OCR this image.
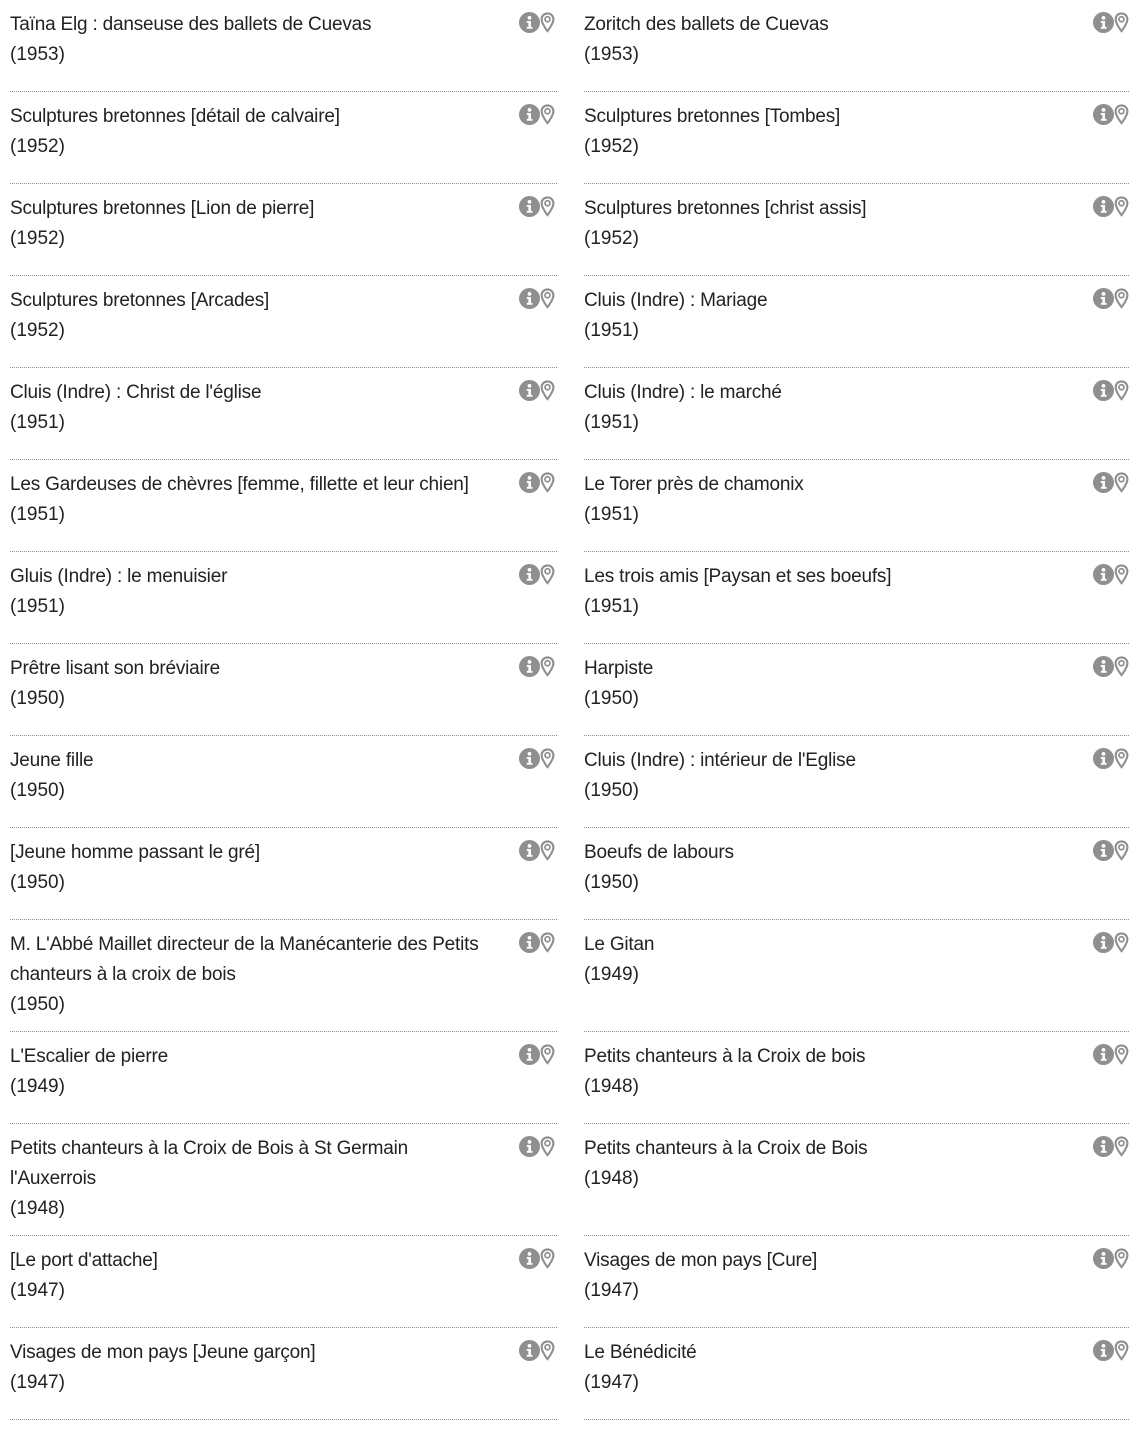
Taïna Elg : danseuse des ballets de Cuevas
(1953)
Zoritch des ballets de Cuevas
(1953)
Sculptures bretonnes [détail de calvaire]
(1952)
Sculptures bretonnes [Tombes]
(1952)
Sculptures bretonnes [Lion de pierre]
(1952)
Sculptures bretonnes [christ assis]
(1952)
Sculptures bretonnes [Arcades]
(1952)
Cluis (Indre) : Mariage
(1951)
Cluis (Indre) : Christ de l'église
(1951)
Cluis (Indre) : le marché
(1951)
Les Gardeuses de chèvres [femme, fillette et leur chien]
(1951)
Le Torer près de chamonix
(1951)
Gluis (Indre) : le menuisier
(1951)
Les trois amis [Paysan et ses boeufs]
(1951)
Prêtre lisant son bréviaire
(1950)
Harpiste
(1950)
Jeune fille
(1950)
Cluis (Indre) : intérieur de l'Eglise
(1950)
[Jeune homme passant le gré]
(1950)
Boeufs de labours
(1950)
M. L'Abbé Maillet directeur de la Manécanterie des Petits chanteurs à la croix de bois
(1950)
Le Gitan
(1949)
L'Escalier de pierre
(1949)
Petits chanteurs à la Croix de bois
(1948)
Petits chanteurs à la Croix de Bois à St Germain l'Auxerrois
(1948)
Petits chanteurs à la Croix de Bois
(1948)
[Le port d'attache]
(1947)
Visages de mon pays [Cure]
(1947)
Visages de mon pays [Jeune garçon]
(1947)
Le Bénédicité
(1947)
